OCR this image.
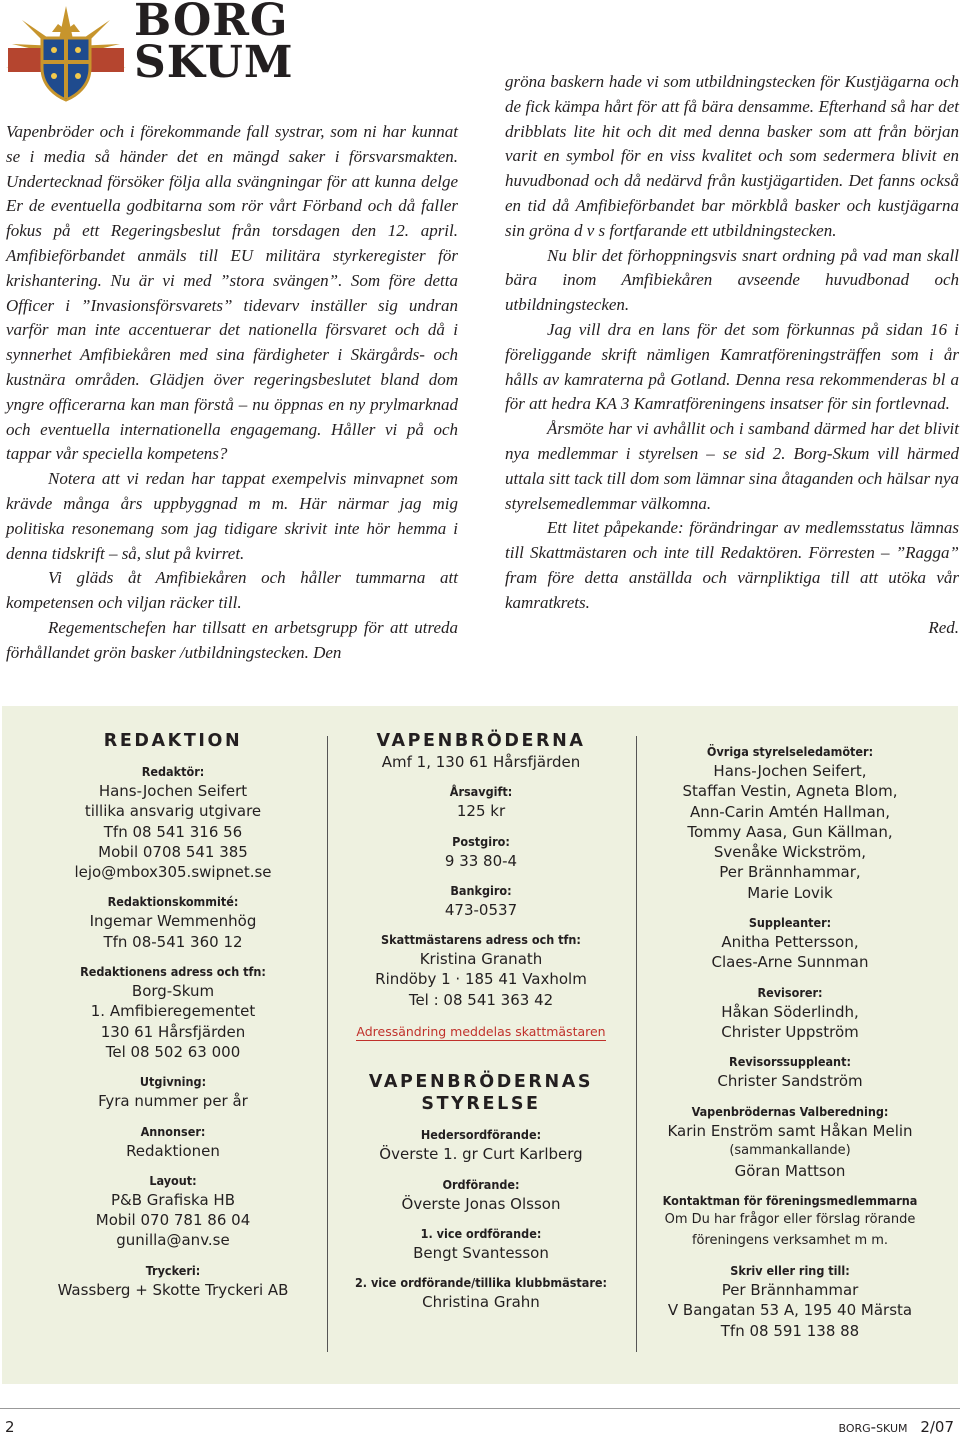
BORG
SKUM

Vapenbröder och i förekommande fall systrar, som ni har kunnat se i media så händer det en mängd saker i försvarsmakten. Undertecknad försöker följa alla svängningar för att kunna delge Er de eventuella godbitarna som rör vårt Förband och då faller fokus på ett Regeringsbeslut från torsdagen den 12. april. Amfibieförbandet anmäls till EU militära styrkeregister för krishantering. Nu är vi med ”stora svängen”. Som före detta Officer i ”Invasionsförsvarets” tidevarv inställer sig undran varför man inte accentuerar det nationella försvaret och då i synnerhet Amfibiekåren med sina färdigheter i Skärgårds- och kustnära områden. Glädjen över regeringsbeslutet bland dom yngre officerarna kan man förstå – nu öppnas en ny prylmarknad och eventuella internationella engagemang. Håller vi på och tappar vår speciella kompetens?

Notera att vi redan har tappat exempelvis minvapnet som krävde många års uppbyggnad m m. Här närmar jag mig politiska resonemang som jag tidigare skrivit inte hör hemma i denna tidskrift – så, slut på kvirret.

Vi gläds åt Amfibiekåren och håller tummarna att kompetensen och viljan räcker till.

Regementschefen har tillsatt en arbetsgrupp för att utreda förhållandet grön basker /utbildningstecken. Den

gröna baskern hade vi som utbildningstecken för Kustjägarna och de fick kämpa hårt för att få bära densamme. Efterhand så har det dribblats lite hit och dit med denna basker som att från början varit en symbol för en viss kvalitet och som sedermera blivit en huvudbonad och då nedärvd från kustjägartiden. Det fanns också en tid då Amfibieförbandet bar mörkblå basker och kustjägarna sin gröna d v s fortfarande ett utbildningstecken.

Nu blir det förhoppningsvis snart ordning på vad man skall bära inom Amfibiekåren avseende huvudbonad och utbildningstecken.

Jag vill dra en lans för det som förkunnas på sidan 16 i föreliggande skrift nämligen Kamratföreningsträffen som i år hålls av kamraterna på Gotland. Denna resa rekommenderas bl a för att hedra KA 3 Kamratföreningens insatser för sin fortlevnad.

Årsmöte har vi avhållit och i samband därmed har det blivit nya medlemmar i styrelsen – se sid 2. Borg-Skum vill härmed uttala sitt tack till dom som lämnar sina åtaganden och hälsar nya styrelsemedlemmar välkomna.

Ett litet påpekande: förändringar av medlemsstatus lämnas till Skattmästaren och inte till Redaktören. Förresten – ”Ragga” fram före detta anställda och värnpliktiga till att utöka vår kamratkrets.

Red.

REDAKTION
Redaktör:
Hans-Jochen Seifert
tillika ansvarig utgivare
Tfn 08 541 316 56
Mobil 0708 541 385
lejo@mbox305.swipnet.se
Redaktionskommité:
Ingemar Wemmenhög
Tfn 08-541 360 12
Redaktionens adress och tfn:
Borg-Skum
1. Amfibieregementet
130 61 Hårsfjärden
Tel 08 502 63 000
Utgivning:
Fyra nummer per år
Annonser:
Redaktionen
Layout:
P&B Grafiska HB
Mobil 070 781 86 04
gunilla@anv.se
Tryckeri:
Wassberg + Skotte Tryckeri AB
VAPENBRÖDERNA
Amf 1, 130 61 Hårsfjärden
Årsavgift:
125 kr
Postgiro:
9 33 80-4
Bankgiro:
473-0537
Skattmästarens adress och tfn:
Kristina Granath
Rindöby 1 · 185 41 Vaxholm
Tel : 08 541 363 42
Adressändring meddelas skattmästaren
VAPENBRÖDERNAS
STYRELSE
Hedersordförande:
Överste 1. gr Curt Karlberg
Ordförande:
Överste Jonas Olsson
1. vice ordförande:
Bengt Svantesson
2. vice ordförande/tillika klubbmästare:
Christina Grahn
Övriga styrelseledamöter:
Hans-Jochen Seifert,
Staffan Vestin, Agneta Blom,
Ann-Carin Amtén Hallman,
Tommy Aasa, Gun Källman,
Svenåke Wickström,
Per Brännhammar,
Marie Lovik
Suppleanter:
Anitha Pettersson,
Claes-Arne Sunnman
Revisorer:
Håkan Söderlindh,
Christer Uppström
Revisorssuppleant:
Christer Sandström
Vapenbrödernas Valberedning:
Karin Enström samt Håkan Melin
(sammankallande)
Göran Mattson
Kontaktman för föreningsmedlemmarna
Om Du har frågor eller förslag rörande
föreningens verksamhet m m.
Skriv eller ring till:
Per Brännhammar
V Bangatan 53 A, 195 40 Märsta
Tfn 08 591 138 88
2	borg-skum 2/07
